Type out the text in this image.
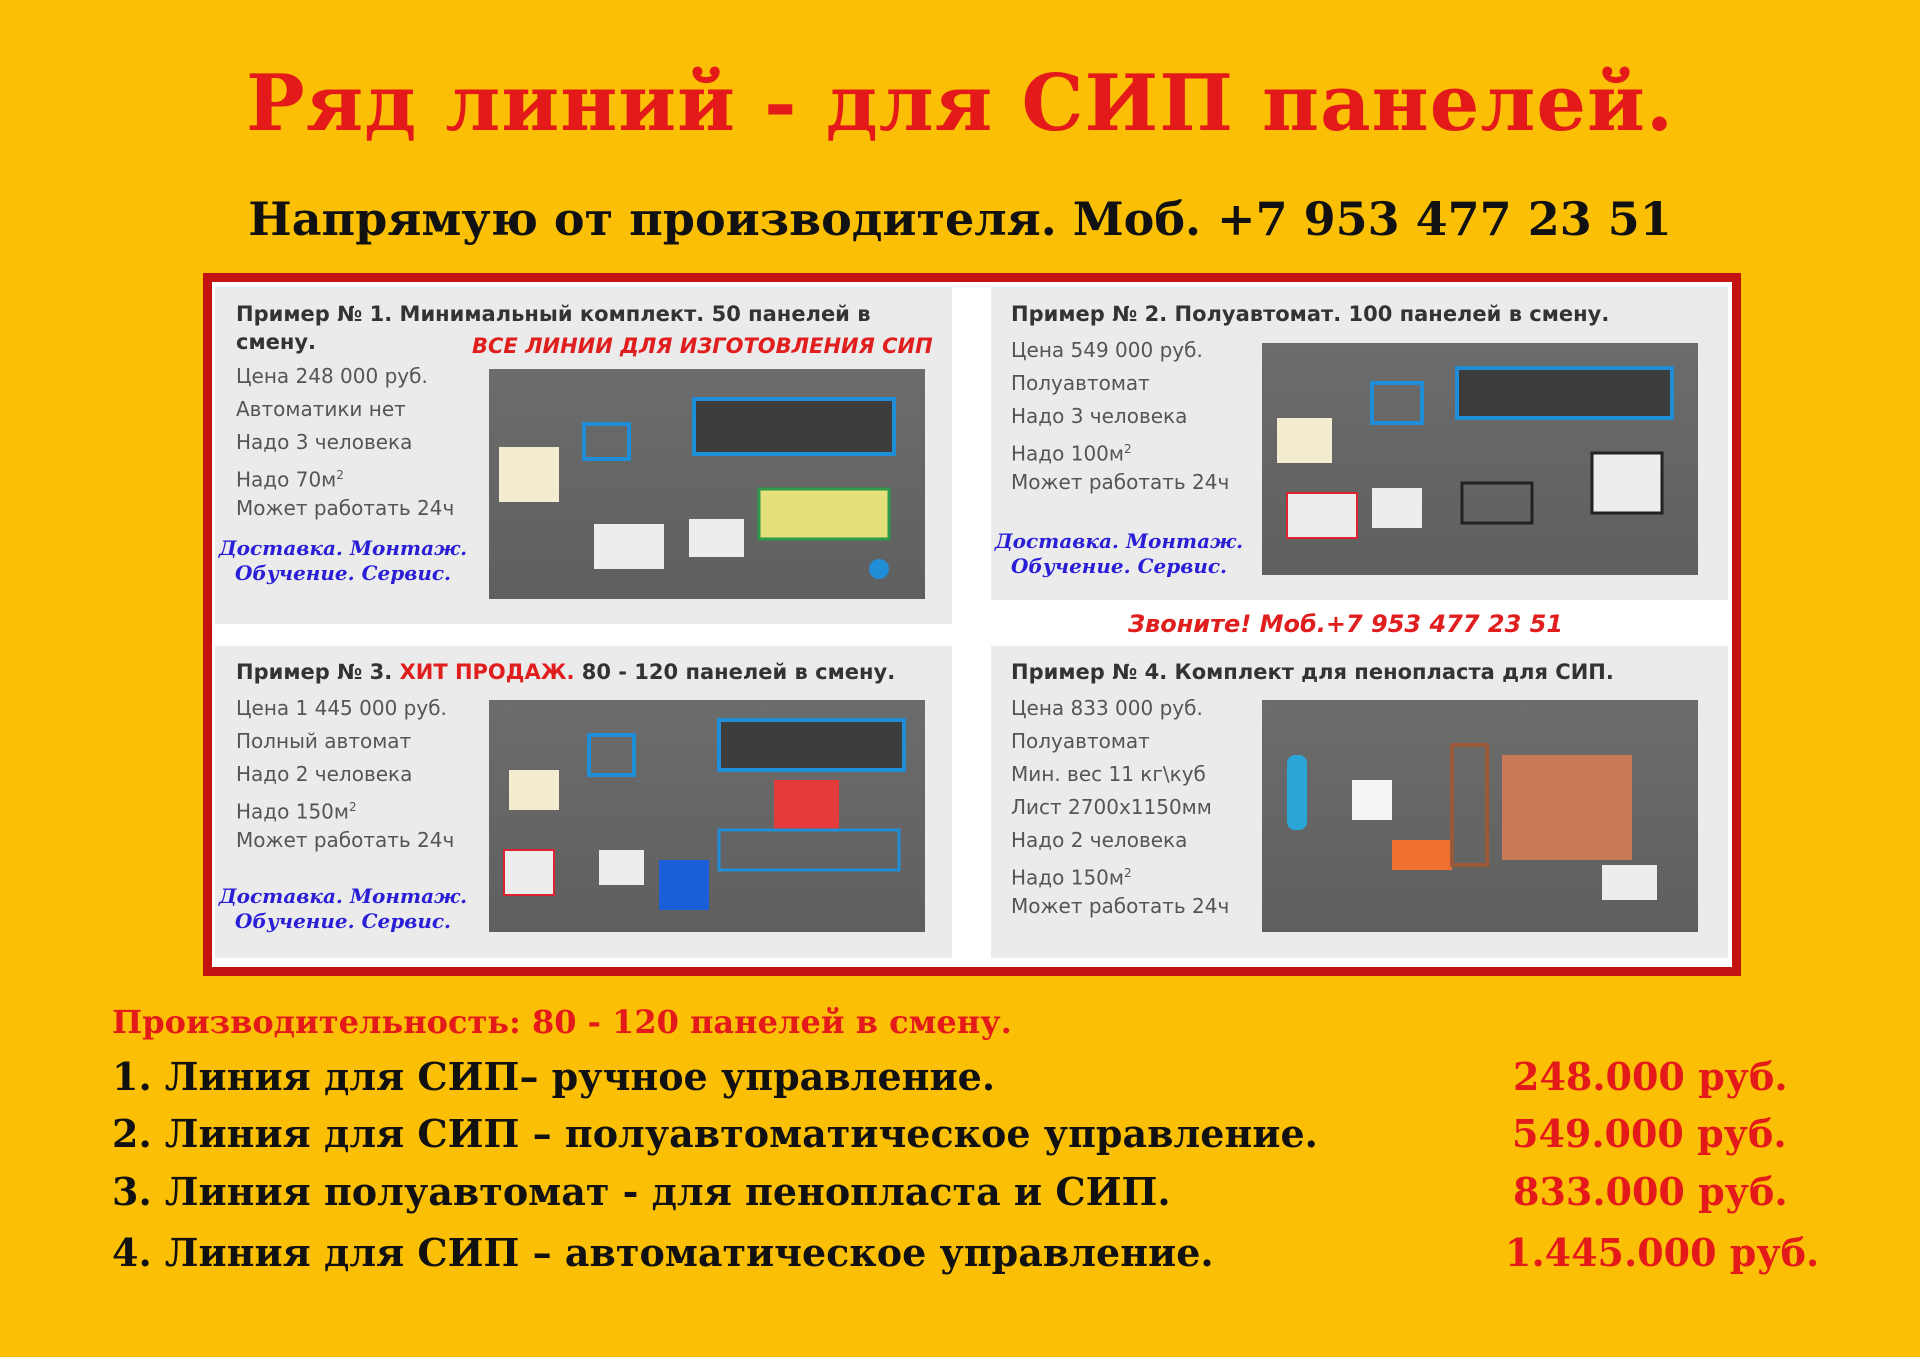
Ряд линий - для СИП панелей.
Напрямую от производителя. Моб. +7 953 477 23 51
Пример № 1. Минимальный комплект. 50 панелей в
смену.	ВСЕ ЛИНИИ ДЛЯ ИЗГОТОВЛЕНИЯ СИП
Цена 248 000 руб.
Автоматики нет
Надо 3 человека
Надо $70м^2$
Может работать 24ч
Доставка. Монтаж.
Обучение. Сервис.
Пример № 2. Полуавтомат. 100 панелей в смену.
Цена 549 000 руб.
Полуавтомат
Надо 3 человека
Надо $100м^2$
Может работать 24ч
Доставка. Монтаж.
Обучение. Сервис.
Звоните! Моб.+7 953 477 23 51
Пример № 3. ХИТ ПРОДАЖ. 80 - 120 панелей в смену.
Цена 1 445 000 руб.
Полный автомат
Надо 2 человека
Надо $150м^2$
Может работать 24ч
Доставка. Монтаж.
Обучение. Сервис.
Пример № 4. Комплект для пенопласта для СИП.
Цена 833 000 руб.
Полуавтомат
Мин. вес 11 кг\куб
Лист 2700х1150мм
Надо 2 человека
Надо $150м^2$
Может работать 24ч
Производительность: 80 - 120 панелей в смену.
1. Линия для СИП– ручное управление.	248.000 руб.
2. Линия для СИП – полуавтоматическое управление.	549.000 руб.
3. Линия полуавтомат - для пенопласта и СИП.	833.000 руб.
4. Линия для СИП – автоматическое управление.	1.445.000 руб.
